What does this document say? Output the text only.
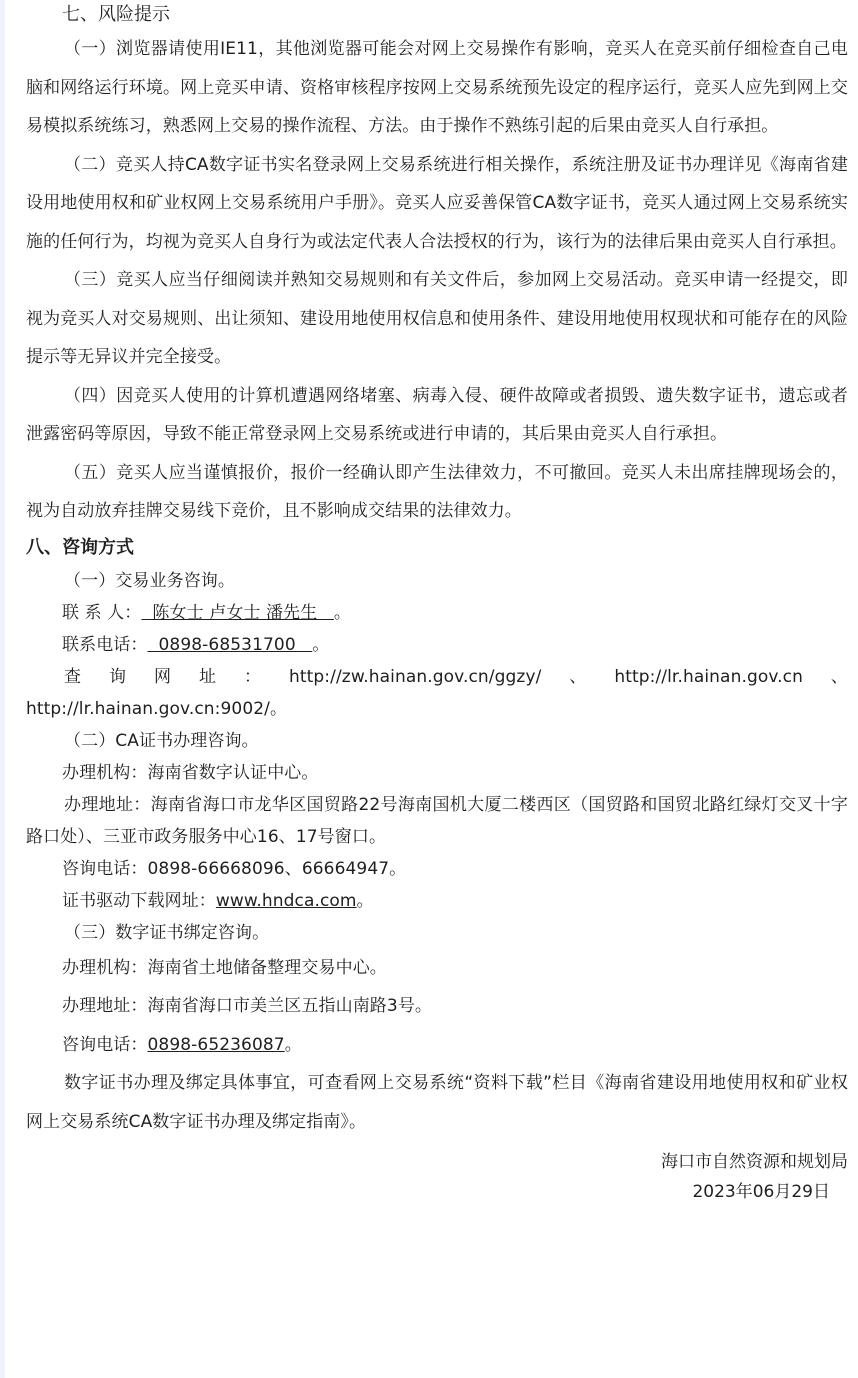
七、风险提示

（一）浏览器请使用IE11，其他浏览器可能会对网上交易操作有影响，竞买人在竞买前仔细检查自己电脑和网络运行环境。网上竞买申请、资格审核程序按网上交易系统预先设定的程序运行，竞买人应先到网上交易模拟系统练习，熟悉网上交易的操作流程、方法。由于操作不熟练引起的后果由竞买人自行承担。

（二）竞买人持CA数字证书实名登录网上交易系统进行相关操作，系统注册及证书办理详见《海南省建设用地使用权和矿业权网上交易系统用户手册》。竞买人应妥善保管CA数字证书，竞买人通过网上交易系统实施的任何行为，均视为竞买人自身行为或法定代表人合法授权的行为，该行为的法律后果由竞买人自行承担。

（三）竞买人应当仔细阅读并熟知交易规则和有关文件后，参加网上交易活动。竞买申请一经提交，即视为竞买人对交易规则、出让须知、建设用地使用权信息和使用条件、建设用地使用权现状和可能存在的风险提示等无异议并完全接受。

（四）因竞买人使用的计算机遭遇网络堵塞、病毒入侵、硬件故障或者损毁、遗失数字证书，遗忘或者泄露密码等原因，导致不能正常登录网上交易系统或进行申请的，其后果由竞买人自行承担。

（五）竞买人应当谨慎报价，报价一经确认即产生法律效力，不可撤回。竞买人未出席挂牌现场会的，视为自动放弃挂牌交易线下竞价，且不影响成交结果的法律效力。

八、咨询方式

（一）交易业务咨询。

联 系 人：  陈女士 卢女士 潘先生   。

联系电话：  0898-68531700   。

查询网址：http://zw.hainan.gov.cn/ggzy/、http://lr.hainan.gov.cn、http://lr.hainan.gov.cn:9002/。

（二）CA证书办理咨询。

办理机构：海南省数字认证中心。

办理地址：海南省海口市龙华区国贸路22号海南国机大厦二楼西区（国贸路和国贸北路红绿灯交叉十字路口处）、三亚市政务服务中心16、17号窗口。

咨询电话：0898-66668096、66664947。

证书驱动下载网址：www.hndca.com。

（三）数字证书绑定咨询。

办理机构：海南省土地储备整理交易中心。

办理地址：海南省海口市美兰区五指山南路3号。

咨询电话：0898-65236087。

数字证书办理及绑定具体事宜，可查看网上交易系统“资料下载”栏目《海南省建设用地使用权和矿业权网上交易系统CA数字证书办理及绑定指南》。

海口市自然资源和规划局
2023年06月29日
